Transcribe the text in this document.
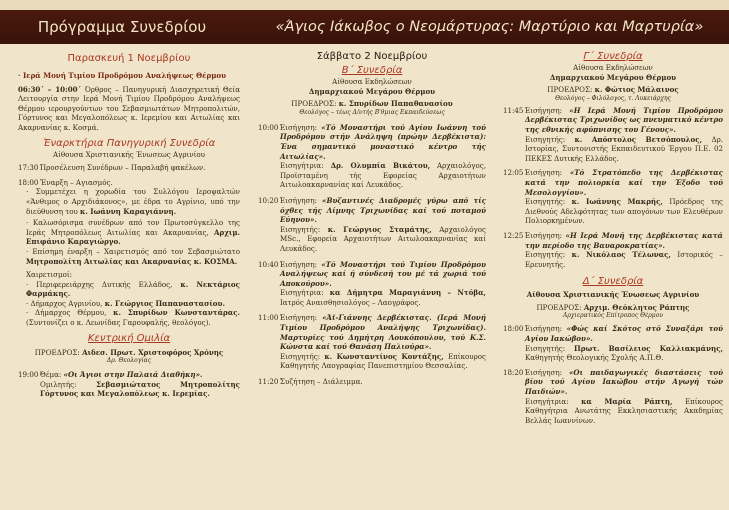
Πρόγραμμα Συνεδρίου	«Άγιος Ιάκωβος ο Νεομάρτυρας: Μαρτύριο και Μαρτυρία»
Παρασκευή 1 Νοεμβρίου
· Ιερά Μονή Τιμίου Προδρόμου Αναλήψεως Θέρμου
06:30΄ – 10:00΄ Όρθρος – Πανηγυρική Διασχηρετική Θεία Λειτουργία στην Ιερά Μονή Τιμίου Προδρόμου Αναλήψεως Θέρμου ιερουργούντων του Σεβασμιωτάτων Μητροπολιτών, Γόρτυνος και Μεγαλοπόλεως κ. Ιερεμίου και Αιτωλίας και Ακαρνανίας κ. Κοσμά.
Έναρκτήρια Πανηγυρική Συνεδρία
Αίθουσα Χριστιανικής Ένωσεως Αγρινίου
17:30΄
Προσέλευση Συνέδρων – Παραλαβή φακέλων.
18:00΄
Έναρξη – Αγιασμός.
· Συμμετέχει η χορωδία του Συλλόγου Ιεροψαλτών «Άνθιμος ο Αρχιδιάκονος», με έδρα το Αγρίνιο, υπό την διεύθυνση του κ. Ιωάννη Καραγιάννη.
· Καλωσόρισμα συνέδρων από τον Πρωτοσύγκελλο της Ιεράς Μητροπόλεως Αιτωλίας και Ακαρνανίας, Αρχιμ. Επιφάνιο Καραγιώργο.
· Επίσημη έναρξη – Χαιρετισμός από τον Σεβασμιώτατο Μητροπολίτη Αιτωλίας και Ακαρνανίας κ. ΚΟΣΜΑ.
Χαιρετισμοί:
· Περιφερειάρχης Δυτικής Ελλάδος, κ. Νεκτάριος Φαρμάκης.
· Δήμαρχος Αγρινίου, κ. Γεώργιος Παπαναστασίου.
· Δήμαρχος Θέρμου, κ. Σπυρίδων Κωνσταντάρας. (Συντονίζει ο κ. Λεωνίδας Γαρουφαλής, θεολόγος).
Κεντρική Ομιλία
ΠΡΟΕΔΡΟΣ: Αιδεσ. Πρωτ. Χριστοφόρος Χρόνης
Δρ. Θεολογίας
19:00΄
Θέμα: «Οι Άγιοι στην Παλαιά Διαθήκη».
Ομιλητής: Σεβασμιώτατος Μητροπολίτης Γόρτυνος και Μεγαλοπόλεως κ. Ιερεμίας.
Σάββατο 2 Νοεμβρίου
Β΄ Συνεδρία
Αίθουσα Εκδηλώσεων
Δημαρχιακού Μεγάρου Θέρμου
ΠΡΟΕΔΡΟΣ: κ. Σπυρίδων Παπαθανασίου
Θεολόγος – τέως Δ/ντής Β'θμιας Εκπαιδεύσεως
10:00΄
Εισήγηση: «Τό Μοναστήρι τού Αγίου Ιωάννη τού Προδρόμου στήν Ανάληψη (πρώην Δερβέκιστα): Ένα σημαντικό μοναστικό κέντρο τής Αιτωλίας».
Εισηγήτρια: Δρ. Ολυμπία Βικάτου, Αρχαιολόγος, Προϊσταμένη τής Εφορείας Αρχαιοτήτων Αιτωλοακαρνανίας καί Λευκάδος.
10:20΄
Εισήγηση: «Βυζαντινές Διαδρομές γύρω από τίς όχθες τής Λίμνης Τριχωνίδας καί τού ποταμού Εύηνου».
Εισηγητής: κ. Γεώργιος Σταμάτης, Αρχαιολόγος MSc., Εφορεία Αρχαιοτήτων Αιτωλοακαρνανίας καί Λευκάδος.
10:40΄
Εισήγηση: «Τό Μοναστήρι τού Τιμίου Προδρόμου Αναλήψεως καί ή σύνδεσή του μέ τά χωριά τού Αποκούρου».
Εισηγήτρια: κα Δήμητρα Μαραγιάννη – Ντόβα, Ιατρός Αναισθησιολόγος – Λαογράφος.
11:00΄
Εισήγηση: «Άϊ-Γιάννης Δερβέκιστας. (Ιερά Μονή Τιμίου Προδρόμου Αναλήψης Τριχωνίδας). Μαρτυρίες τού Δημήτρη Λουκόπουλου, τού Κ.Σ. Κώνστα καί τού Θανάση Παλιούρα».
Εισηγητής: κ. Κωνσταντίνος Κοντάξης, Επίκουρος Καθηγητής Λαογραφίας Πανεπιστημίου Θεσσαλίας.
11:20΄
Συζήτηση – Διάλειμμα.
Γ΄ Συνεδρία
Αίθουσα Εκδηλώσεων
Δημαρχιακού Μεγάρου Θέρμου
ΠΡΟΕΔΡΟΣ: κ. Φώτιος Μάλαινος
Θεολόγος – Φιλόλογος, τ. Λυκειάρχης
11:45΄
Εισήγηση: «Η Ιερά Μονή Τιμίου Προδρόμου Δερβέκιστας Τριχωνίδος ως πνευματικό κέντρο της εθνικής αφύπνισης του Γένους».
Εισηγητής: κ. Απόστολος Βετσόπουλος, Δρ. Ιστορίας, Συντονιστής Εκπαιδευτικού Έργου Π.Ε. 02 ΠΕΚΕΣ Δυτικής Ελλάδος.
12:05΄
Εισήγηση: «Τό Στρατόπεδο της Δερβέκιστας κατά την πολιορκία καί την Έξοδο τού Μεσολογγίου».
Εισηγητής: κ. Ιωάννης Μακρής, Πρόεδρος της Διεθνούς Αδελφότητας των απογόνων των Ελευθέρων Πολιορκημένων.
12:25΄
Εισήγηση: «Η Ιερά Μονή της Δερβέκιστας κατά την περίοδο της Βαυαροκρατίας».
Εισηγητής: κ. Νικόλαος Τέλωνας, Ιστορικός – Ερευνητής.
Δ΄ Συνεδρία
Αίθουσα Χριστιανικής Ένωσεως Αγρινίου
ΠΡΟΕΔΡΟΣ: Αρχιμ. Θεόκλητος Ράπτης
Αρχιερατικός Επίτροπος Θέρμου
18:00΄
Εισήγηση: «Φώς καί Σκότος στό Συναξάρι τού Αγίου Ιακώβου».
Εισηγητής: Πρωτ. Βασίλειος Καλλιακμάνης, Καθηγητής Θεολογικής Σχολής Α.Π.Θ.
18:20΄
Εισήγηση: «Οι παιδαγωγικές διαστάσεις τού βίου τού Αγίου Ιακώβου στήν Αγωγή τών Παιδιών».
Εισηγήτρια: κα Μαρία Ράπτη, Επίκουρος Καθηγήτρια Ανωτάτης Εκκλησιαστικής Ακαδημίας Βελλάς Ιωαννίνων.
